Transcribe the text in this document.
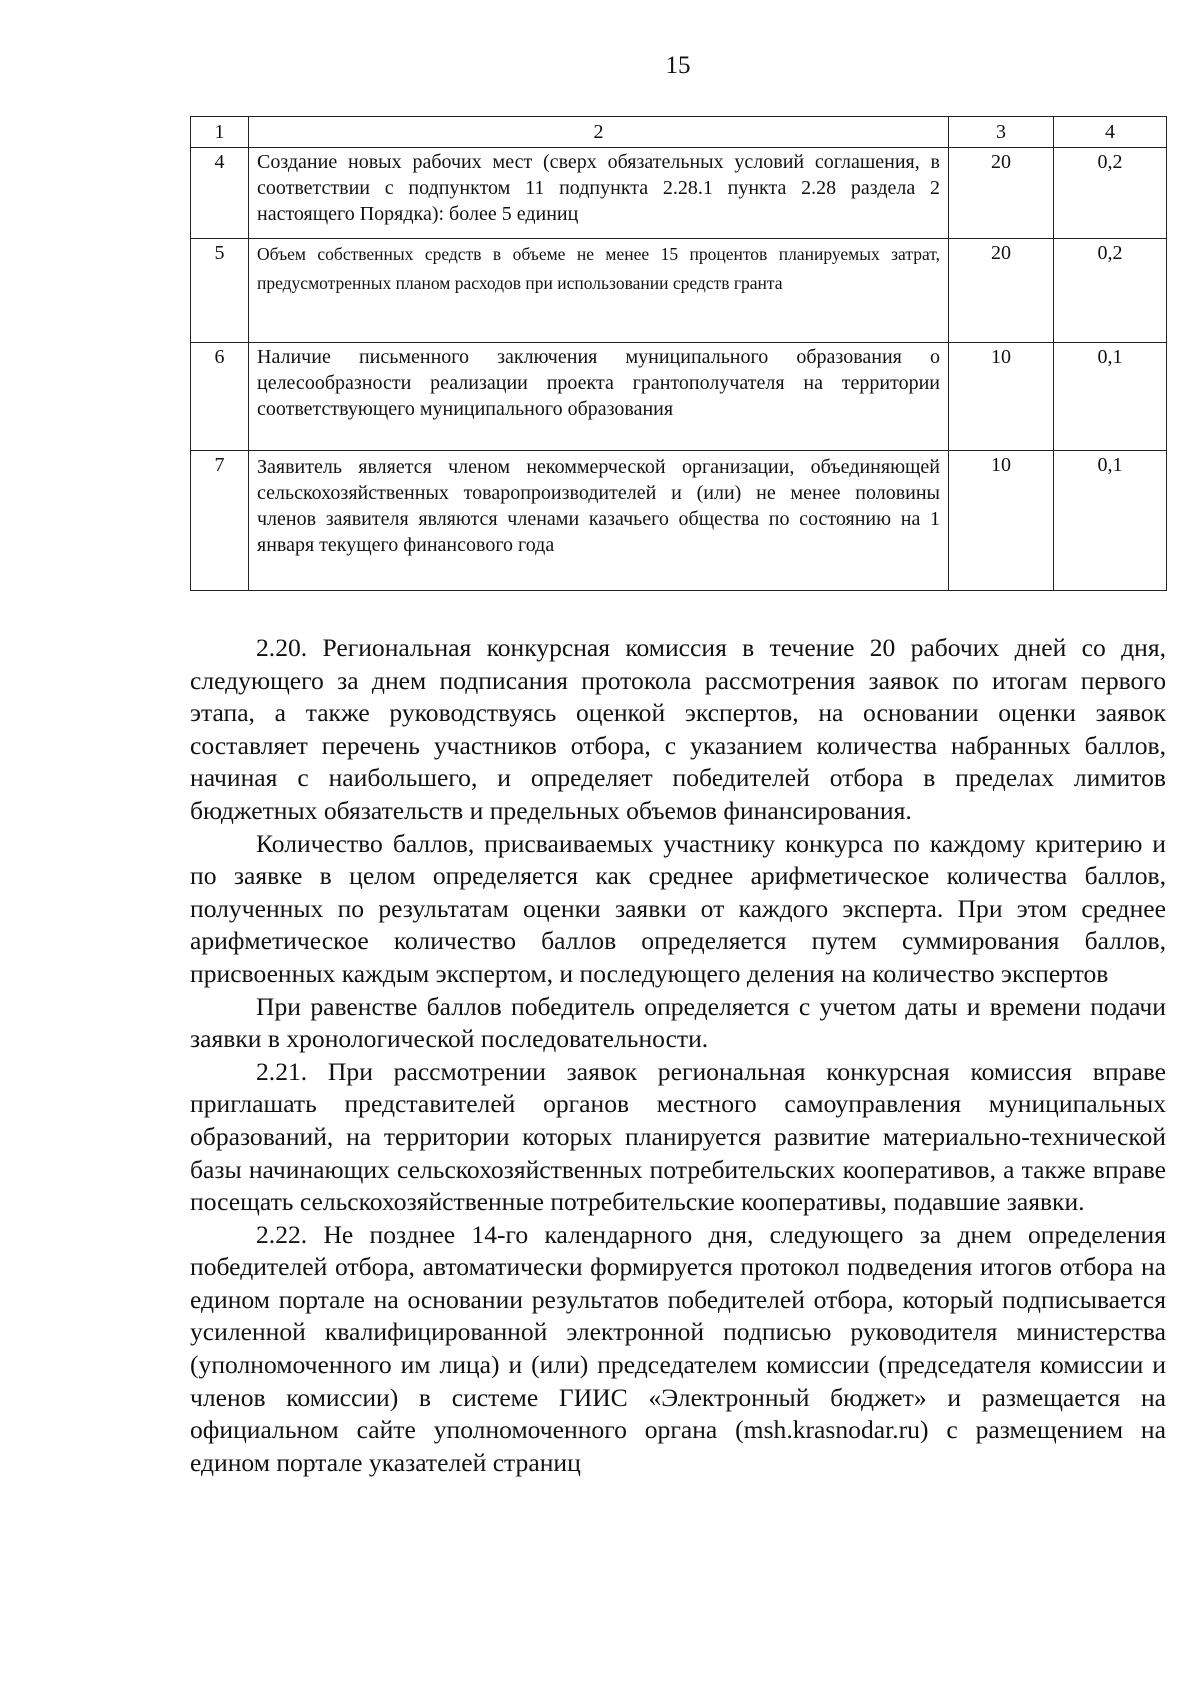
15
1	2	3	4
4	Создание новых рабочих мест (сверх обязательных условий соглашения, в соответствии с подпунктом 11 подпункта 2.28.1 пункта 2.28 раздела 2 настоящего Порядка): более 5 единиц	20	0,2
5	Объем собственных средств в объеме не менее 15 процентов планируемых затрат, предусмотренных планом расходов при использовании средств гранта	20	0,2
6	Наличие письменного заключения муниципального образования о целесообразности реализации проекта грантополучателя на территории соответствующего муниципального образования	10	0,1
7	Заявитель является членом некоммерческой организации, объединяющей сельскохозяйственных товаропроизводителей и (или) не менее половины членов заявителя являются членами казачьего общества по состоянию на 1 января текущего финансового года	10	0,1

2.20. Региональная конкурсная комиссия в течение 20 рабочих дней со дня, следующего за днем подписания протокола рассмотрения заявок по итогам первого этапа, а также руководствуясь оценкой экспертов, на основании оценки заявок составляет перечень участников отбора, с указанием количества набранных баллов, начиная с наибольшего, и определяет победителей отбора в пределах лимитов бюджетных обязательств и предельных объемов финансирования.

Количество баллов, присваиваемых участнику конкурса по каждому критерию и по заявке в целом определяется как среднее арифметическое количества баллов, полученных по результатам оценки заявки от каждого эксперта. При этом среднее арифметическое количество баллов определяется путем суммирования баллов, присвоенных каждым экспертом, и последующего деления на количество экспертов

При равенстве баллов победитель определяется с учетом даты и времени подачи заявки в хронологической последовательности.

2.21. При рассмотрении заявок региональная конкурсная комиссия вправе приглашать представителей органов местного самоуправления муниципальных образований, на территории которых планируется развитие материально-технической базы начинающих сельскохозяйственных потребительских кооперативов, а также вправе посещать сельскохозяйственные потребительские кооперативы, подавшие заявки.

2.22. Не позднее 14-го календарного дня, следующего за днем определения победителей отбора, автоматически формируется протокол подведения итогов отбора на едином портале на основании результатов победителей отбора, который подписывается усиленной квалифицированной электронной подписью руководителя министерства (уполномоченного им лица) и (или) председателем комиссии (председателя комиссии и членов комиссии) в системе ГИИС «Электронный бюджет» и размещается на официальном сайте уполномоченного органа (msh.krasnodar.ru) с размещением на едином портале указателей страниц
